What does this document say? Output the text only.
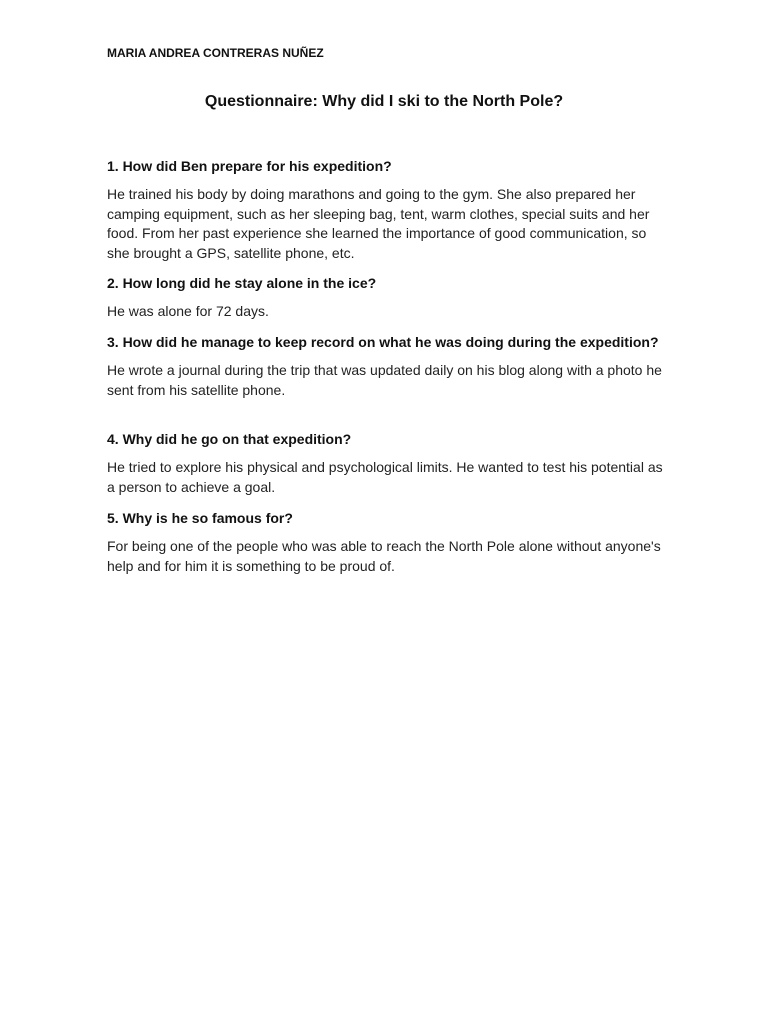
MARIA ANDREA CONTRERAS NUÑEZ

Questionnaire: Why did I ski to the North Pole?

1. How did Ben prepare for his expedition?

He trained his body by doing marathons and going to the gym. She also prepared her camping equipment, such as her sleeping bag, tent, warm clothes, special suits and her food. From her past experience she learned the importance of good communication, so she brought a GPS, satellite phone, etc.

2. How long did he stay alone in the ice?

He was alone for 72 days.

3. How did he manage to keep record on what he was doing during the expedition?

He wrote a journal during the trip that was updated daily on his blog along with a photo he sent from his satellite phone.

4. Why did he go on that expedition?

He tried to explore his physical and psychological limits. He wanted to test his potential as a person to achieve a goal.

5. Why is he so famous for?

For being one of the people who was able to reach the North Pole alone without anyone's help and for him it is something to be proud of.
